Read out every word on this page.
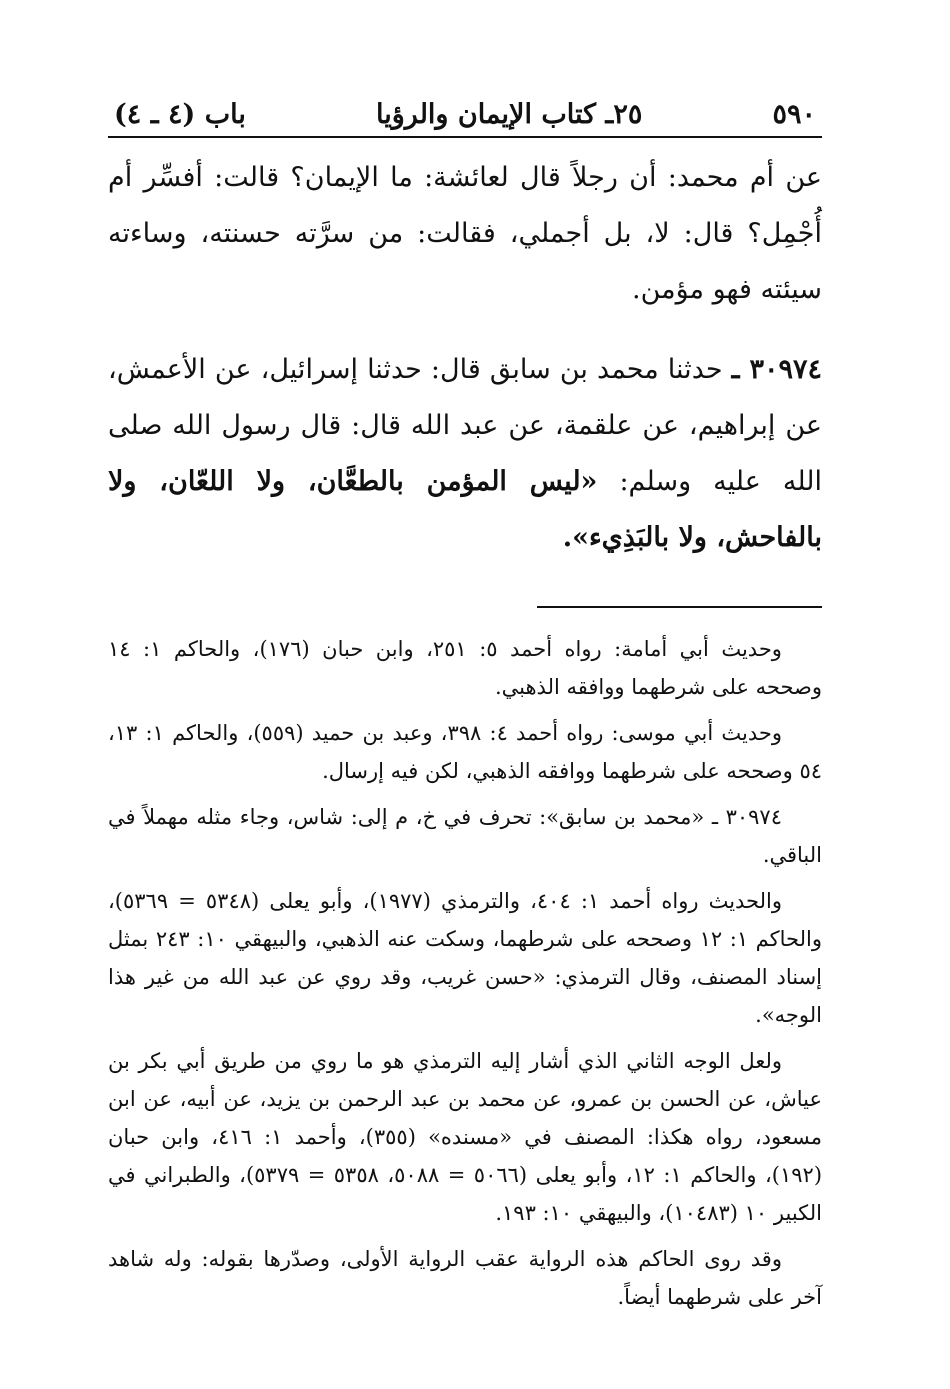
٥٩٠
٢٥ـ كتاب الإيمان والرؤيا
باب (٤ ـ ٤)

عن أم محمد: أن رجلاً قال لعائشة: ما الإيمان؟ قالت: أفسِّر أم أُجْمِل؟ قال: لا، بل أجملي، فقالت: من سرَّته حسنته، وساءته سيئته فهو مؤمن.

٣٠٩٧٤ ـ حدثنا محمد بن سابق قال: حدثنا إسرائيل، عن الأعمش، عن إبراهيم، عن علقمة، عن عبد الله قال: قال رسول الله صلى الله عليه وسلم: «ليس المؤمن بالطعَّان، ولا اللعّان، ولا بالفاحش، ولا بالبَذِيء».

وحديث أبي أمامة: رواه أحمد ٥: ٢٥١، وابن حبان (١٧٦)، والحاكم ١: ١٤ وصححه على شرطهما ووافقه الذهبي.

وحديث أبي موسى: رواه أحمد ٤: ٣٩٨، وعبد بن حميد (٥٥٩)، والحاكم ١: ١٣، ٥٤ وصححه على شرطهما ووافقه الذهبي، لكن فيه إرسال.

٣٠٩٧٤ ـ «محمد بن سابق»: تحرف في خ، م إلى: شاس، وجاء مثله مهملاً في الباقي.

والحديث رواه أحمد ١: ٤٠٤، والترمذي (١٩٧٧)، وأبو يعلى (٥٣٤٨ = ٥٣٦٩)، والحاكم ١: ١٢ وصححه على شرطهما، وسكت عنه الذهبي، والبيهقي ١٠: ٢٤٣ بمثل إسناد المصنف، وقال الترمذي: «حسن غريب، وقد روي عن عبد الله من غير هذا الوجه».

ولعل الوجه الثاني الذي أشار إليه الترمذي هو ما روي من طريق أبي بكر بن عياش، عن الحسن بن عمرو، عن محمد بن عبد الرحمن بن يزيد، عن أبيه، عن ابن مسعود، رواه هكذا: المصنف في «مسنده» (٣٥٥)، وأحمد ١: ٤١٦، وابن حبان (١٩٢)، والحاكم ١: ١٢، وأبو يعلى (٥٠٦٦ = ٥٠٨٨، ٥٣٥٨ = ٥٣٧٩)، والطبراني في الكبير ١٠ (١٠٤٨٣)، والبيهقي ١٠: ١٩٣.

وقد روى الحاكم هذه الرواية عقب الرواية الأولى، وصدّرها بقوله: وله شاهد آخر على شرطهما أيضاً.
